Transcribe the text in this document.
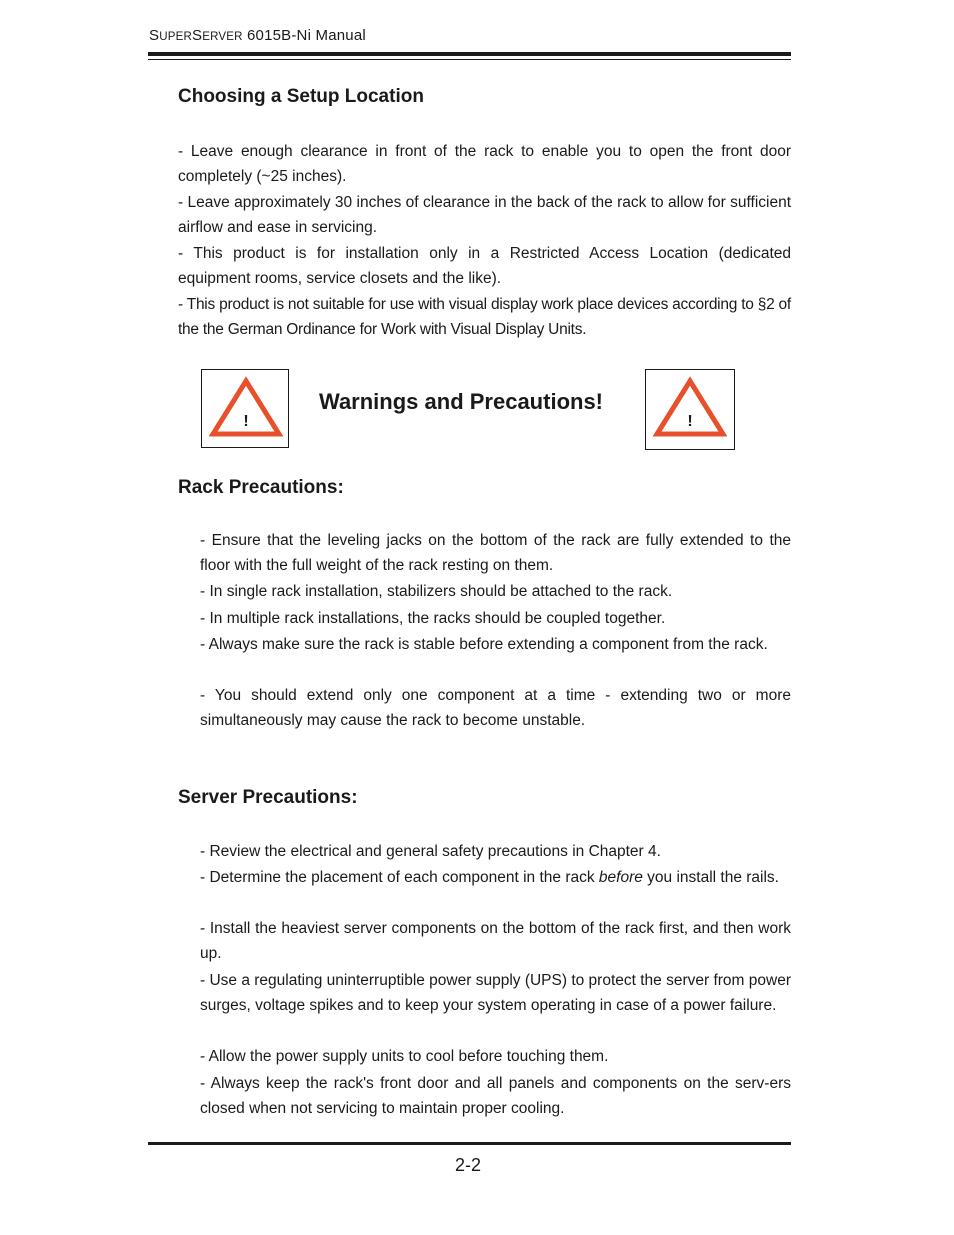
SUPERSERVER 6015B-Ni Manual
Choosing a Setup Location

- Leave enough clearance in front of the rack to enable you to open the front door completely (~25 inches).

- Leave approximately 30 inches of clearance in the back of the rack to allow for sufficient airflow and ease in servicing.

- This product is for installation only in a Restricted Access Location (dedicated equipment rooms, service closets and the like).

- This product is not suitable for use with visual display work place devices according to §2 of the the German Ordinance for Work with Visual Display Units.

!
Warnings and Precautions!
!
Rack Precautions:

- Ensure that the leveling jacks on the bottom of the rack are fully extended to the floor with the full weight of the rack resting on them.

- In single rack installation, stabilizers should be attached to the rack.

- In multiple rack installations, the racks should be coupled together.

- Always make sure the rack is stable before extending a component from the rack.

- You should extend only one component at a time - extending two or more simultaneously may cause the rack to become unstable.

Server Precautions:

- Review the electrical and general safety precautions in Chapter 4.

- Determine the placement of each component in the rack before you install the rails.

- Install the heaviest server components on the bottom of the rack first, and then work up.

- Use a regulating uninterruptible power supply (UPS) to protect the server from power surges, voltage spikes and to keep your system operating in case of a power failure.

- Allow the power supply units to cool before touching them.

- Always keep the rack's front door and all panels and components on the serv-ers closed when not servicing to maintain proper cooling.

2-2
